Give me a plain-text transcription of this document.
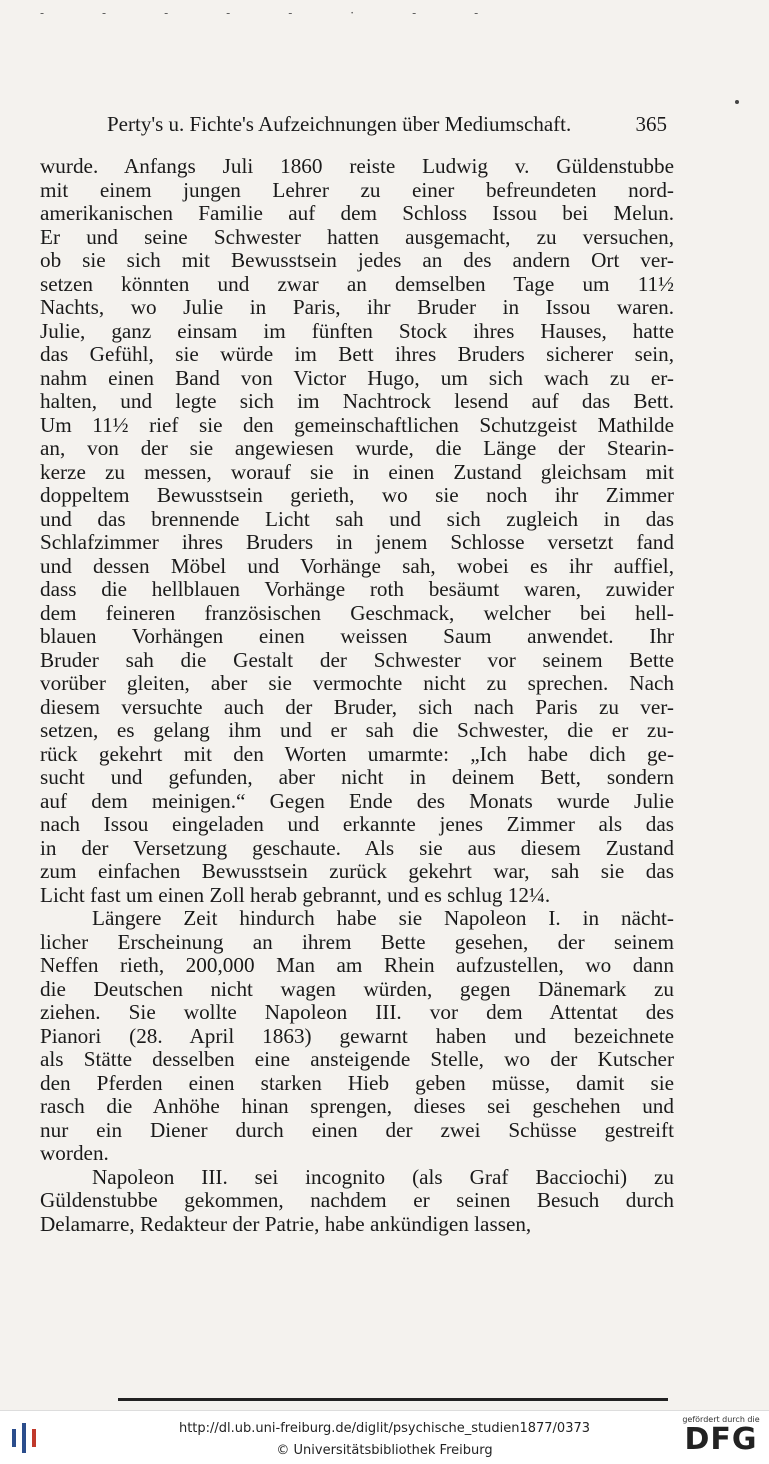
-----·--
Perty's u. Fichte's Aufzeichnungen über Mediumschaft.	365
wurde. Anfangs Juli 1860 reiste Ludwig v. Güldenstubbe
mit einem jungen Lehrer zu einer befreundeten nord-
amerikanischen Familie auf dem Schloss Issou bei Melun.
Er und seine Schwester hatten ausgemacht, zu versuchen,
ob sie sich mit Bewusstsein jedes an des andern Ort ver-
setzen könnten und zwar an demselben Tage um 11½
Nachts, wo Julie in Paris, ihr Bruder in Issou waren.
Julie, ganz einsam im fünften Stock ihres Hauses, hatte
das Gefühl, sie würde im Bett ihres Bruders sicherer sein,
nahm einen Band von Victor Hugo, um sich wach zu er-
halten, und legte sich im Nachtrock lesend auf das Bett.
Um 11½ rief sie den gemeinschaftlichen Schutzgeist Mathilde
an, von der sie angewiesen wurde, die Länge der Stearin-
kerze zu messen, worauf sie in einen Zustand gleichsam mit
doppeltem Bewusstsein gerieth, wo sie noch ihr Zimmer
und das brennende Licht sah und sich zugleich in das
Schlafzimmer ihres Bruders in jenem Schlosse versetzt fand
und dessen Möbel und Vorhänge sah, wobei es ihr auffiel,
dass die hellblauen Vorhänge roth besäumt waren, zuwider
dem feineren französischen Geschmack, welcher bei hell-
blauen Vorhängen einen weissen Saum anwendet. Ihr
Bruder sah die Gestalt der Schwester vor seinem Bette
vorüber gleiten, aber sie vermochte nicht zu sprechen. Nach
diesem versuchte auch der Bruder, sich nach Paris zu ver-
setzen, es gelang ihm und er sah die Schwester, die er zu-
rück gekehrt mit den Worten umarmte: „Ich habe dich ge-
sucht und gefunden, aber nicht in deinem Bett, sondern
auf dem meinigen.“ Gegen Ende des Monats wurde Julie
nach Issou eingeladen und erkannte jenes Zimmer als das
in der Versetzung geschaute. Als sie aus diesem Zustand
zum einfachen Bewusstsein zurück gekehrt war, sah sie das
Licht fast um einen Zoll herab gebrannt, und es schlug 12¼.
Längere Zeit hindurch habe sie Napoleon I. in nächt-
licher Erscheinung an ihrem Bette gesehen, der seinem
Neffen rieth, 200,000 Man am Rhein aufzustellen, wo dann
die Deutschen nicht wagen würden, gegen Dänemark zu
ziehen. Sie wollte Napoleon III. vor dem Attentat des
Pianori (28. April 1863) gewarnt haben und bezeichnete
als Stätte desselben eine ansteigende Stelle, wo der Kutscher
den Pferden einen starken Hieb geben müsse, damit sie
rasch die Anhöhe hinan sprengen, dieses sei geschehen und
nur ein Diener durch einen der zwei Schüsse gestreift
worden.
Napoleon III. sei incognito (als Graf Bacciochi) zu
Güldenstubbe gekommen, nachdem er seinen Besuch durch
Delamarre, Redakteur der Patrie, habe ankündigen lassen,
http://dl.ub.uni-freiburg.de/diglit/psychische_studien1877/0373
© Universitätsbibliothek Freiburg
gefördert durch die
DFG
